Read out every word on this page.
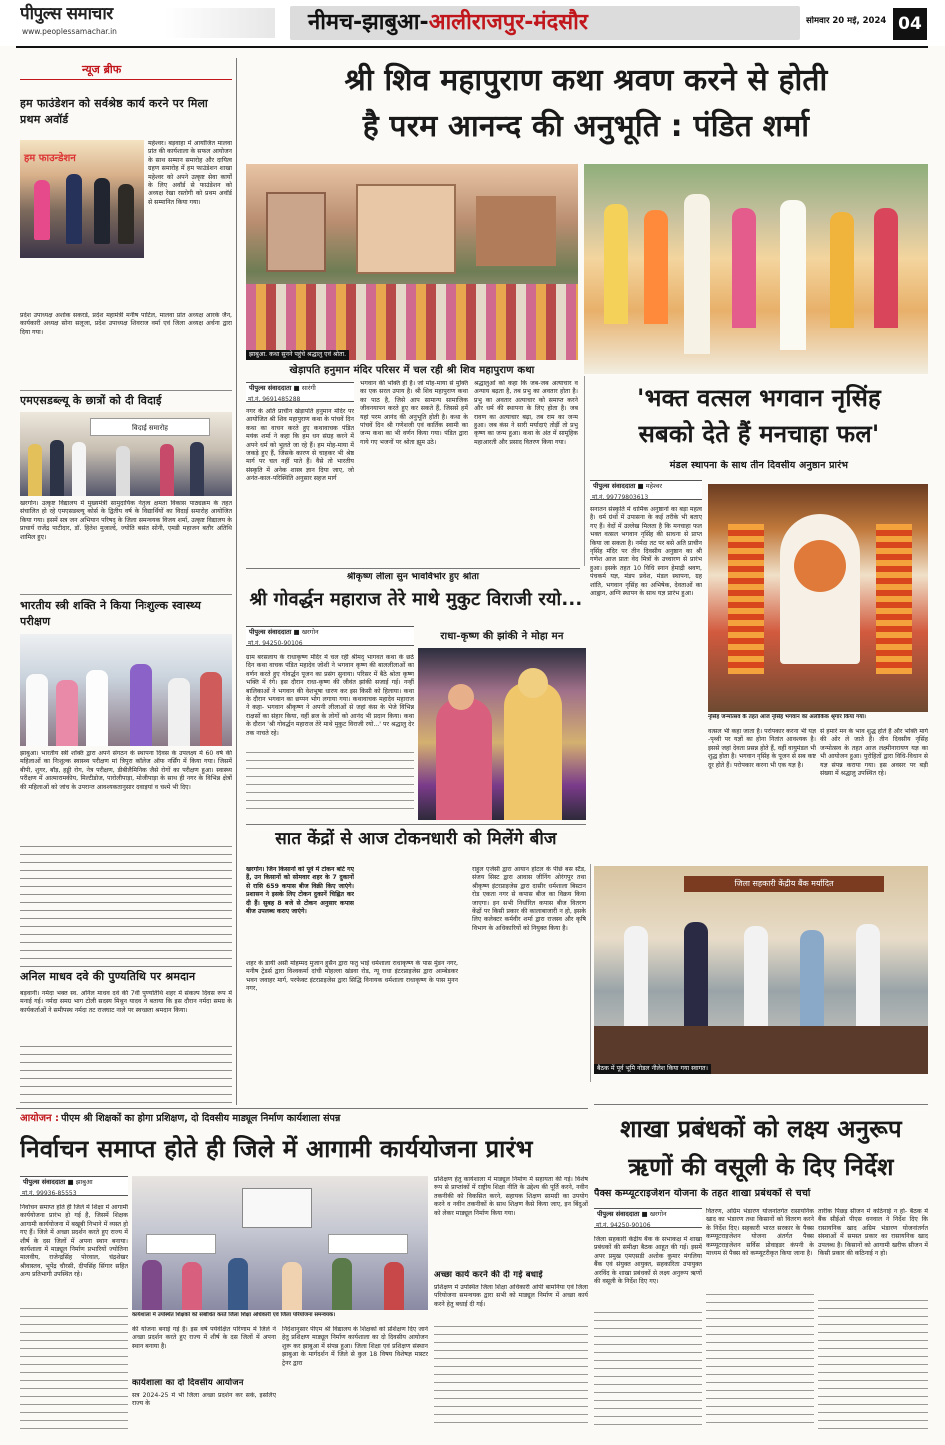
पीपुल्स समाचार
www.peoplessamachar.in	नीमच-झाबुआ-आलीराजपुर-मंदसौर	सोमवार 20 मई, 2024 04
न्यूज ब्रीफ
हम फाउंडेशन को सर्वश्रेष्ठ कार्य करने पर मिला प्रथम अवॉर्ड
हम फाउन्डेशन
महेश्वर। बड़वाहा में आयोजित मालवा प्रांत की कार्यशाला के सफल आयोजन के साथ सम्मान समारोह और दायित्व ग्रहण समारोह में हम फाउंडेशन शाखा महेश्वर को अपने उत्कृष्ट सेवा कार्यों के लिए अवॉर्ड से फाउंडेशन को अध्यक्ष रेखा रस्तोगी को प्रथम अवॉर्ड से सम्मानित किया गया।
प्रदेश उपाध्यक्ष अशोक सकरडे, प्रदेश महामंत्री मनीष पाटिल, मालवा प्रांत अध्यक्ष आरके जैन, कार्यकारी अध्यक्ष सोना सलूजा, प्रदेश उपाध्यक्ष शिवराज वर्मा एवं जिला अध्यक्ष अर्चना द्वारा दिया गया।
एमएसडब्ल्यू के छात्रों को दी विदाई
विदाई समारोह
खरगोन। उत्कृष्ट विद्यालय में मुख्यमंत्री सामुदायिक नेतृत्व क्षमता विकास पाठ्यक्रम के तहत संचालित हो रहे एमएसडब्ल्यू कोर्स के द्वितीय वर्ष के विद्यार्थियों का विदाई समारोह आयोजित किया गया। इसमें सत्र जन अभियान परिषद् के जिला समन्वयक विजय शर्मा, उत्कृष्ट विद्यालय के प्राचार्य राजेंद्र पाटीदार, डॉ. हितेश मुजाल्दे, ज्योति बसंत सोनी, एमडी महाजन बतौर अतिथि शामिल हुए।
भारतीय स्त्री शक्ति ने किया निःशुल्क स्वास्थ्य परीक्षण
झाबुआ। भारतीय स्त्री शक्ति द्वारा अपने संगठन के स्थापना दिवस के उपलक्ष्य में 60 वर्ष की महिलाओं का निःशुल्क स्वास्थ्य परीक्षण मां त्रिपुरा कॉलेज ऑफ नर्सिंग में किया गया। जिसमें बीपी, शुगर, बॉड़, हड्डी रोग, नेत्र परीक्षण, डीबीलैमिनिक जैसे रोगों का परीक्षण हुआ। स्वास्थ्य परीक्षण में आत्मारामकीय, मिल्टीडोज, पारोलीपाड़ा, मोजीपाड़ा के साथ ही नगर के विभिन्न क्षेत्रों की महिलाओं को जांच के उपरान्त आवश्यकतानुसार दवाइयां व चश्मे भी दिए।
अनिल माधव दवे की पुण्यतिथि पर श्रमदान
बड़वानी। नर्मदा भक्त स्व. अनिल माधव दवे की 7वीं पुण्यतिथि शहर में संकल्प दिवस रूप में मनाई गई। नर्मदा समग्र भाग टोली सदस्य मिथुन यादव ने बताया कि इस दौरान नर्मदा समग्र के कार्यकर्ताओं ने समीपस्थ नर्मदा तट राजघाट नाले पर स्वच्छता श्रमदान किया।
श्री शिव महापुराण कथा श्रवण करने से होती
है परम आनन्द की अनुभूति : पंडित शर्मा
झाबुआ. कथा सुनने पहुंचे श्रद्धालु एवं श्रोता.
खेड़ापति हनुमान मंदिर परिसर में चल रही श्री शिव महापुराण कथा
पीपुल्स संवाददाता ■ सारंगी
मो.नं. 9691485288
नगर के अति प्राचीन खेड़ापति हनुमान मंदिर पर आयोजित श्री शिव महापुराण कथा के पांचवें दिन कथा का वाचन करते हुए कथावाचक पंडित मयंक शर्मा ने कहा कि हम धन संग्रह करने में अपने धर्म को भूलते जा रहे हैं। हम मोह-माया में जकड़े हुए हैं, जिसके कारण से चाहकर भी श्रेष्ठ मार्ग पर चल नहीं पाते हैं। वैसे तो भारतीय संस्कृति में अनेक शास्त्र ज्ञान दिया जाए, जो अनंत-काल-परिस्थिति अनुसार सहज मार्ग
भगवान की भक्ति ही है। जो मोह-माया से मुक्ति का एक सरल उपाय है। श्री शिव महापुराण कथा का पाठ है, जिसे आप सामान्य सामाजिक जीवनयापन करते हुए कर सकते हैं, जिससे हमें यहां परम आनंद की अनुभूति होती है। कथा के पांचवें दिन श्री गणेशजी एवं कार्तिक स्वामी का जन्म कथा का भी वर्णन किया गया। पंडित द्वारा गाये गए भजनों पर श्रोता झूम उठे।
श्रद्धालुओं को कहा कि जब-जब अत्याचार व अन्याय बढ़ता है, तब प्रभु का अवतार होता है। प्रभु का अवतार अत्याचार को समाप्त करने और धर्म की स्थापना के लिए होता है। जब रावण का अत्याचार बढ़ा, तब राम का जन्म हुआ। जब कंस ने सारी मर्यादाएं तोड़ीं तो प्रभु कृष्ण का जन्म हुआ। कथा के अंत में सामूहिक महाआरती और प्रसाद वितरण किया गया।
'भक्त वत्सल भगवान नृसिंह
सबको देते हैं मनचाहा फल'
मंडल स्थापना के साथ तीन दिवसीय अनुष्ठान प्रारंभ
पीपुल्स संवाददाता ■ महेश्वर
मो.नं. 99779803613
सनातन संस्कृति में धार्मिक अनुष्ठानों का बड़ा महत्व है। धर्म ग्रंथों में उपासना के कई तरीके भी बताए गए हैं। वेदों में उल्लेख मिलता है कि मनचाहा फल भक्त वत्सल भगवान नृसिंह की साधना से प्राप्त किया जा सकता है। नर्मदा तट पर बसे अति प्राचीन नृसिंह मंदिर पर तीन दिवसीय अनुष्ठान का श्री गणेश आज प्रातः वेद मित्रों के उच्चारण से प्रारंभ हुआ। इसके तहत 10 विधि स्नान हेमाद्री श्रवण, पंचकर्म यज्ञ, मंडप प्रवेश, मंडल स्थापना, ग्रह शांति, भगवान नृसिंह का अभिषेक, देवताओं का आह्वान, अग्नि स्थापन के साथ यज्ञ प्रारंभ हुआ।
नृसिंह जन्मोत्सव के तहत आज नृसिंह भगवान का अलौकिक श्रृंगार किया गया।
वत्सल भी कहा जाता है। परोपकार करना भी यज्ञ -पृथ्वी पर यज्ञों का होना नितांत आवश्यक है। इससे जहां देवता प्रसन्न होते हैं, वहीं वायुमंडल भी शुद्ध होता है। भगवान नृसिंह के पूजन से सब कष्ट दूर होते हैं। परोपकार करना भी एक यज्ञ है।
से हमारे मन के भाव शुद्ध होते हैं और भक्ति मार्ग की ओर ले जाते हैं। तीन दिवसीय नृसिंह जन्मोत्सव के तहत आज लक्ष्मीनारायण यज्ञ का भी आयोजन हुआ। पुरोहितों द्वारा विधि-विधान से यज्ञ संपन्न कराया गया। इस अवसर पर बड़ी संख्या में श्रद्धालु उपस्थित रहे।
श्रीकृष्ण लीला सुन भावविभोर हुए श्रोता
श्री गोवर्द्धन महाराज तेरे माथे मुकुट विराजी रयो...
पीपुल्स संवाददाता ■ खरगोन
मो.नं. 94250-90106
ग्राम बरसलाय के राधाकृष्ण मंदिर में चल रही श्रीमद् भागवत कथा के छठे दिन कथा वाचक पंडित महादेव जोशी ने भगवान कृष्ण की बाललीलाओं का वर्णन करते हुए गोवर्द्धन पूजन का प्रसंग सुनाया। परिसर में बैठे श्रोता कृष्ण भक्ति में रंगे। इस दौरान राधा-कृष्ण की जीवंत झांकी सजाई गई। नन्हीं बालिकाओं ने भगवान की वेशभूषा धारण कर इस किसी को हिलाया। कथा के दौरान भगवान का छप्पन भोग लगाया गया। कथावाचक महादेव महाराज ने कहा- भगवान श्रीकृष्ण ने अपनी लीलाओं से जहां कंस के भेजे विभिन्न राक्षसों का संहार किया, वहीं ब्रज के लोगों को आनंद भी प्रदान किया। कथा के दौरान 'श्री गोवर्द्धन महाराज तेरे माथे मुकुट विराजी रयो...' पर श्रद्धालु देर तक नाचते रहे।
राधा-कृष्ण की झांकी ने मोहा मन
सात केंद्रों से आज टोकनधारी को मिलेंगे बीज
खरगोन। जिन किसानों को पूर्व में टोकन बांटे गए हैं, उन किसानों को सोमवार शहर के 7 दुकानों से रासि 659 कपास बीज विक्री किए जाएंगे। प्रशासन ने इसके लिए टोकन दुकानें चिह्नित कर दी हैं। सुबह 8 बजे से टोकन अनुसार कपास बीज उपलब्ध कराए जाएंगे।
शहर के डायी असी मोहम्मद मुजान हुसैन द्वारा फतु भाई धर्मशाला राधाकृष्ण के पास मुंडन नगर, मनीष ट्रेडर्स द्वारा विश्वकर्मा दांची मोहल्ला खंडवा रोड, न्यू राधा इंटरप्राइजेस द्वारा आम्बेडकर भवन जवाहर मार्ग, परफेक्ट इंटरप्राइजेस द्वारा सिद्धि विनायक धर्मशाला राधाकृष्ण के पास मुनन नगर,
राहुल एजेंसी द्वारा आयान होटल के पीछे बस स्टैंड, संजय सिस्ट द्वारा आवास जीनिंग ओरंगपुर तथा श्रीकृष्ण इंटरप्राइजेस द्वारा दासीर धर्मशाला बिस्टान रोड एकता नगर से कपास बीज का विक्रय किया जाएगा। इन सभी निर्धारित कपास बीज वितरण केंद्रों पर किसी प्रकार की कालाबाजारी न हो, इसके लिए कलेक्टर कर्मवीर शर्मा द्वारा राजस्व और कृषि विभाग के अधिकारियों को नियुक्त किया है।
जिला सहकारी केंद्रीय बैंक मर्यादित
बैठक में पूर्व भूमि नोडल नीलेश किया गया स्वागत।
शाखा प्रबंधकों को लक्ष्य अनुरूप
ऋणों की वसूली के दिए निर्देश
पैक्स कम्प्यूटराइजेशन योजना के तहत शाखा प्रबंधकों से चर्चा
पीपुल्स संवाददाता ■ खरगोन
मो.नं. 94250-90106
जिला सहकारी केंद्रीय बैंक के सभाकक्ष में शाखा प्रबंधकों की समीक्षा बैठक आहूत की गई। इसमें अपर प्रमुख एमएसडी अशोक कुमार मंगलिया बैंक एवं संयुक्त आयुक्त, सहकारिता उपायुक्त अरविंद के शाखा प्रबंधकों से लक्ष्य अनुरूप ऋणों की वसूली के निर्देश दिए गए।
वितरण, अग्रिम भंडारण योजनांतर्गत रासायनिक खाद का भंडारण तथा किसानों को वितरण करने के निर्देश दिए। सहकारी भारत सरकार के पैक्स कम्प्यूटराइजेशन योजना अंतर्गत पैक्स कम्प्यूटराइजेशन सर्विस प्रोवाइडर कंपनी के माध्यम से पैक्स को कम्प्यूटरीकृत किया जाना है।
तारीक पिछड़ सीजन में कठिनाई न हो- बैठक में बैंक सीईओ पीएस धनवाल ने निर्देश दिए कि रासायनिक खाद अग्रिम भंडारण योजनांतर्गत संस्थाओं में समस्त प्रकार का रासायनिक खाद उपलब्ध है। किसानों को आगामी खरीफ सीजन में किसी प्रकार की कठिनाई न हो।
आयोजन : पीएम श्री शिक्षकों का होगा प्रशिक्षण, दो दिवसीय माड्यूल निर्माण कार्यशाला संपन्न
निर्वाचन समाप्त होते ही जिले में आगामी कार्ययोजना प्रारंभ
पीपुल्स संवाददाता ■ झाबुआ
मो.नं. 99936-85553
निर्वाचन समाप्त होते ही जिले में शिक्षा में आगामी कार्ययोजना प्रारंभ हो गई है, जिसमें शिक्षक आगामी कार्ययोजना में बखूबी निभाने में व्यस्त हो गए हैं। जिले में अच्छा प्रदर्शन करते हुए राज्य में शीर्ष के दस जिलों में अपना स्थान बनाया। कार्यशाला में माड्यूल निर्माण प्रभारियों ज्योतिना मालवीय, राजेन्द्रसिंह पोरवाल, चंद्रशेखर श्रीवास्तव, भूपेंद्र चौरसी, दीपसिंह सिंगार सहित अन्य प्रतिभागी उपस्थित रहे।
कार्यशाला में उपस्थित शिक्षकों को संबोधित करते जिला शिक्षा अधिकारी एवं जिला परियोजना समन्वयक।
की योजना बनाई गई है। इस वर्ष पर्यवेक्षित परिणाम में जिले ने अच्छा प्रदर्शन करते हुए राज्य में शीर्ष के दस जिलों में अपना स्थान बनाया है।
कार्यशाला का दो दिवसीय आयोजन
सत्र 2024-25 में भी जिला अच्छा प्रदर्शन कर सके, इसलिए राज्य के
निर्देशानुसार पीएम श्री विद्यालय के शिक्षकों को प्रशिक्षण दिए जाने हेतु प्रशिक्षण माड्यूल निर्माण कार्यशाला का दो दिवसीय आयोजन शुरू कर झाबुआ में संपन्न हुआ। जिला शिक्षा एवं प्रशिक्षण संस्थान झाबुआ के मार्गदर्शन में जिले से कुल 18 विषय विशेषज्ञ मास्टर ट्रेनर द्वारा
प्रशिक्षण हेतु कार्यशाला में माड्यूल निर्माण में सहायता की गई। विशेष रूप से प्राप्तांकों में राष्ट्रीय शिक्षा नीति के उद्देश्य की पूर्ति करने, नवीन तकनीकी को विकसित करने, सहायक शिक्षण सामग्री का उपयोग करने व नवीन तकनीकों के साथ शिक्षण कैसे किया जाए, इन बिंदुओं को लेकर माड्यूल निर्माण किया गया।
अच्छा कार्य करने की दी गई बधाई
प्रशिक्षण में उपस्थित जिला शिक्षा अधिकारी ओपी बामनिया एवं जिला परियोजना समन्वयक द्वारा सभी को माड्यूल निर्माण में अच्छा कार्य करने हेतु बधाई दी गई।
